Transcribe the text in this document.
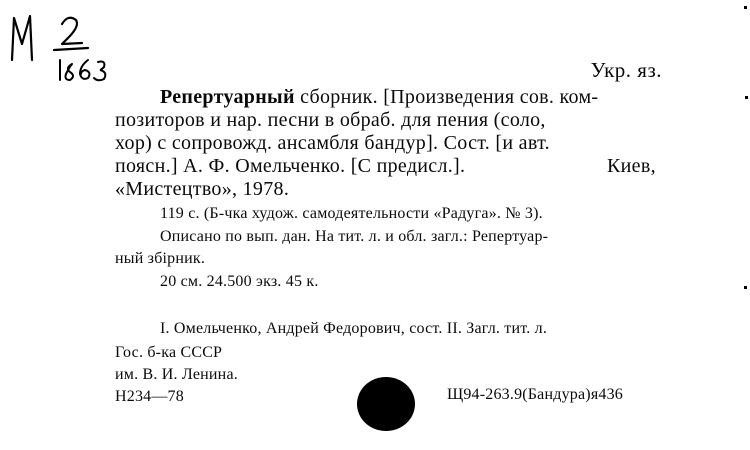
Укр. яз.
Репертуарный сборник. [Произведения сов. ком-
позиторов и нар. песни в обраб. для пения (соло,
хор) с сопровожд. ансамбля бандур]. Сост. [и авт.
поясн.] А. Ф. Омельченко. [С предисл.].	Киев,
«Мистецтво», 1978.
119 с. (Б-чка худож. самодеятельности «Радуга». № 3).
Описано по вып. дан. На тит. л. и обл. загл.: Репертуар-
ный збірник.
20 см. 24.500 экз. 45 к.
I. Омельченко, Андрей Федорович, сост. II. Загл. тит. л.
Гос. б-ка СССР
им. В. И. Ленина.
Н234—78	Щ94-263.9(Бандура)я436
